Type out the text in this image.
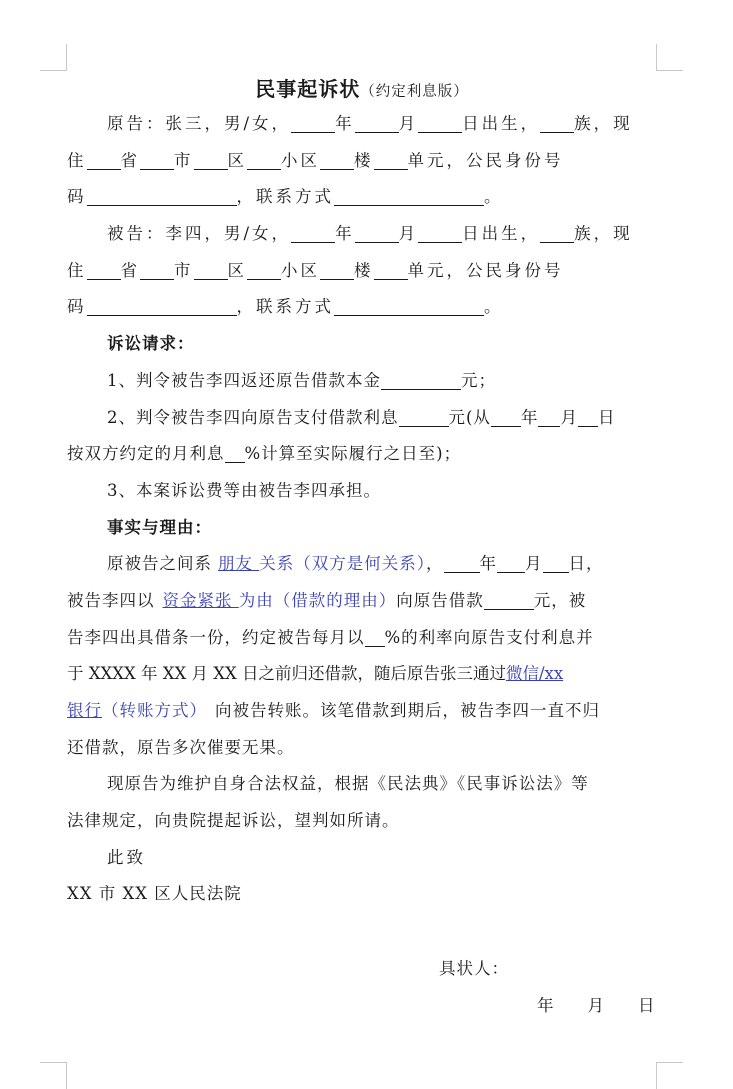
民事起诉状（约定利息版）
原告：张三，男/女，	年	月	日出生， 族，现
住 省 市 区 小区 楼 单元，公民身份号
码	，联系方式	。
被告：李四，男/女，	年	月	日出生， 族，现
住 省 市 区 小区 楼 单元，公民身份号
码	，联系方式	。
诉讼请求：
1、判令被告李四返还原告借款本金	元；
2、判令被告李四向原告支付借款利息	元(从 年 月 日
按双方约定的月利息 %计算至实际履行之日至)；
3、本案诉讼费等由被告李四承担。
事实与理由：
原被告之间系 朋友 关系（双方是何关系）， 年 月 日，
被告李四以 资金紧张 为由（借款的理由）向原告借款	元，被
告李四出具借条一份，约定被告每月以 %的利率向原告支付利息并
于 XXXX 年 XX 月 XX 日之前归还借款，随后原告张三通过微信/xx
银行（转账方式） 向被告转账。该笔借款到期后，被告李四一直不归
还借款，原告多次催要无果。
现原告为维护自身合法权益，根据《民法典》《民事诉讼法》等
法律规定，向贵院提起诉讼，望判如所请。
此致
XX 市 XX 区人民法院
具状人：
年 月 日
